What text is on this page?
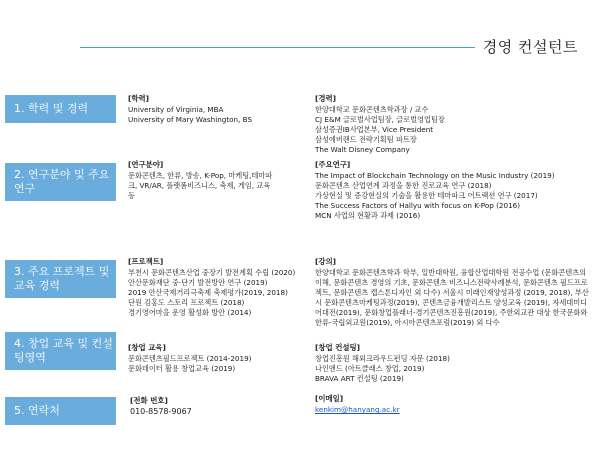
경영 컨설턴트
1. 학력 및 경력
2. 연구분야 및 주요연구
3. 주요 프로젝트 및 교육 경력
4. 창업 교육 및 컨설팅영역
5. 연락처
[학력]
University of Virginia, MBA
University of Mary Washington, BS
[경력]
한양대학교 문화콘텐츠학과장 / 교수
CJ E&M 글로벌사업팀장, 글로벌영업팀장
삼성증권IB사업본부, Vice President
삼성에버랜드 전략기획팀 파트장
The Walt Disney Company
[연구분야]
문화콘텐츠, 한류, 방송, K-Pop, 마케팅,테마파크, VR/AR, 플랫폼비즈니스, 축제, 게임, 교육 등
[주요연구]
The Impact of Blockchain Technology on the Music Industry (2019)
문화콘텐츠 산업연계 과정을 통한 진로교육 연구 (2018)
가상현실 및 증강현실의 기술을 활용한 테마파크 어트랙션 연구 (2017)
The Success Factors of Hallyu with focus on K-Pop (2016)
MCN 사업의 현황과 과제 (2016)
[프로젝트]
부천시 문화콘텐츠산업 중장기 발전계획 수립 (2020)
안산문화재단 중·단기 발전방안 연구 (2019)
2019 안산국제거리극축제 축제평가(2019, 2018)
단원 김홍도 스토리 프로젝트 (2018)
경기영어마을 운영 활성화 방안 (2014)
[강의]
한양대학교 문화콘텐츠학과 학부, 일반대학원, 융합산업대학원 전공수업 (문화콘텐츠의 이해, 문화콘텐츠 경영의 기초, 문화콘텐츠 비즈니스전략사례분석, 문화콘텐츠 필드프로젝트, 문화콘텐츠 캡스톤디자인 외 다수) 서울시 미래인재양성과정 (2019, 2018), 부산시 문화콘텐츠마케팅과정(2019), 콘텐츠금융개발리스트 양성교육 (2019), 자세대미디어대전(2019), 문화창업플래너-경기콘텐츠진흥원(2019), 주한외교관 대상 한국문화와 한류-국립외교원(2019), 아시아콘텐츠포럼(2019) 외 다수
[창업 교육]
문화콘텐츠필드프로젝트 (2014-2019)
문화데이터 활용 창업교육 (2019)
[창업 컨설팅]
창업진흥원 해외크라우드펀딩 자문 (2018)
나인앤드 (아트클래스 창업, 2019)
BRAVA ART 컨설팅 (2019)
[전화 번호]
010-8578-9067
[이메일]
kenkim@hanyang.ac.kr
